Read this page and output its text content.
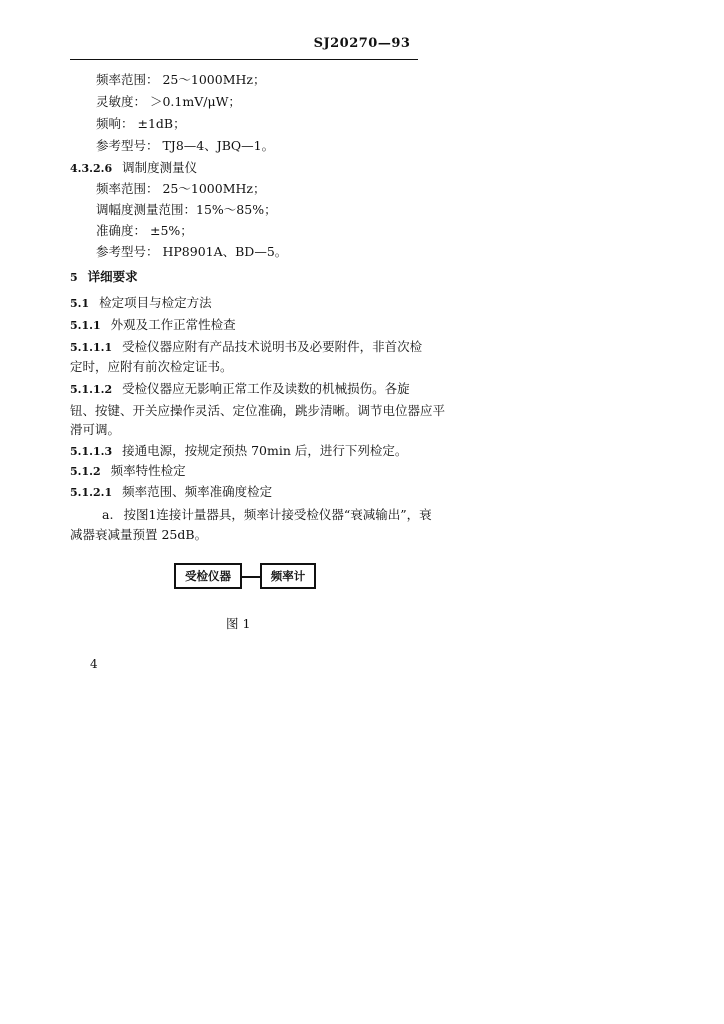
SJ20270—93
频率范围： 25～1000MHz；
灵敏度： ＞0.1mV/μW；
频响： ±1dB；
参考型号： TJ8—4、JBQ—1。
4.3.2.6 调制度测量仪
频率范围： 25～1000MHz；
调幅度测量范围：15%～85%；
准确度： ±5%；
参考型号： HP8901A、BD—5。
5 详细要求
5.1 检定项目与检定方法
5.1.1 外观及工作正常性检查
5.1.1.1 受检仪器应附有产品技术说明书及必要附件，非首次检
定时，应附有前次检定证书。
5.1.1.2 受检仪器应无影响正常工作及读数的机械损伤。各旋
钮、按键、开关应操作灵活、定位准确，跳步清晰。调节电位器应平
滑可调。
5.1.1.3 接通电源，按规定预热 70min 后，进行下列检定。
5.1.2 频率特性检定
5.1.2.1 频率范围、频率准确度检定
a. 按图1连接计量器具，频率计接受检仪器“衰减输出”，衰
减器衰减量预置 25dB。
受检仪器	频率计
图 1
4
